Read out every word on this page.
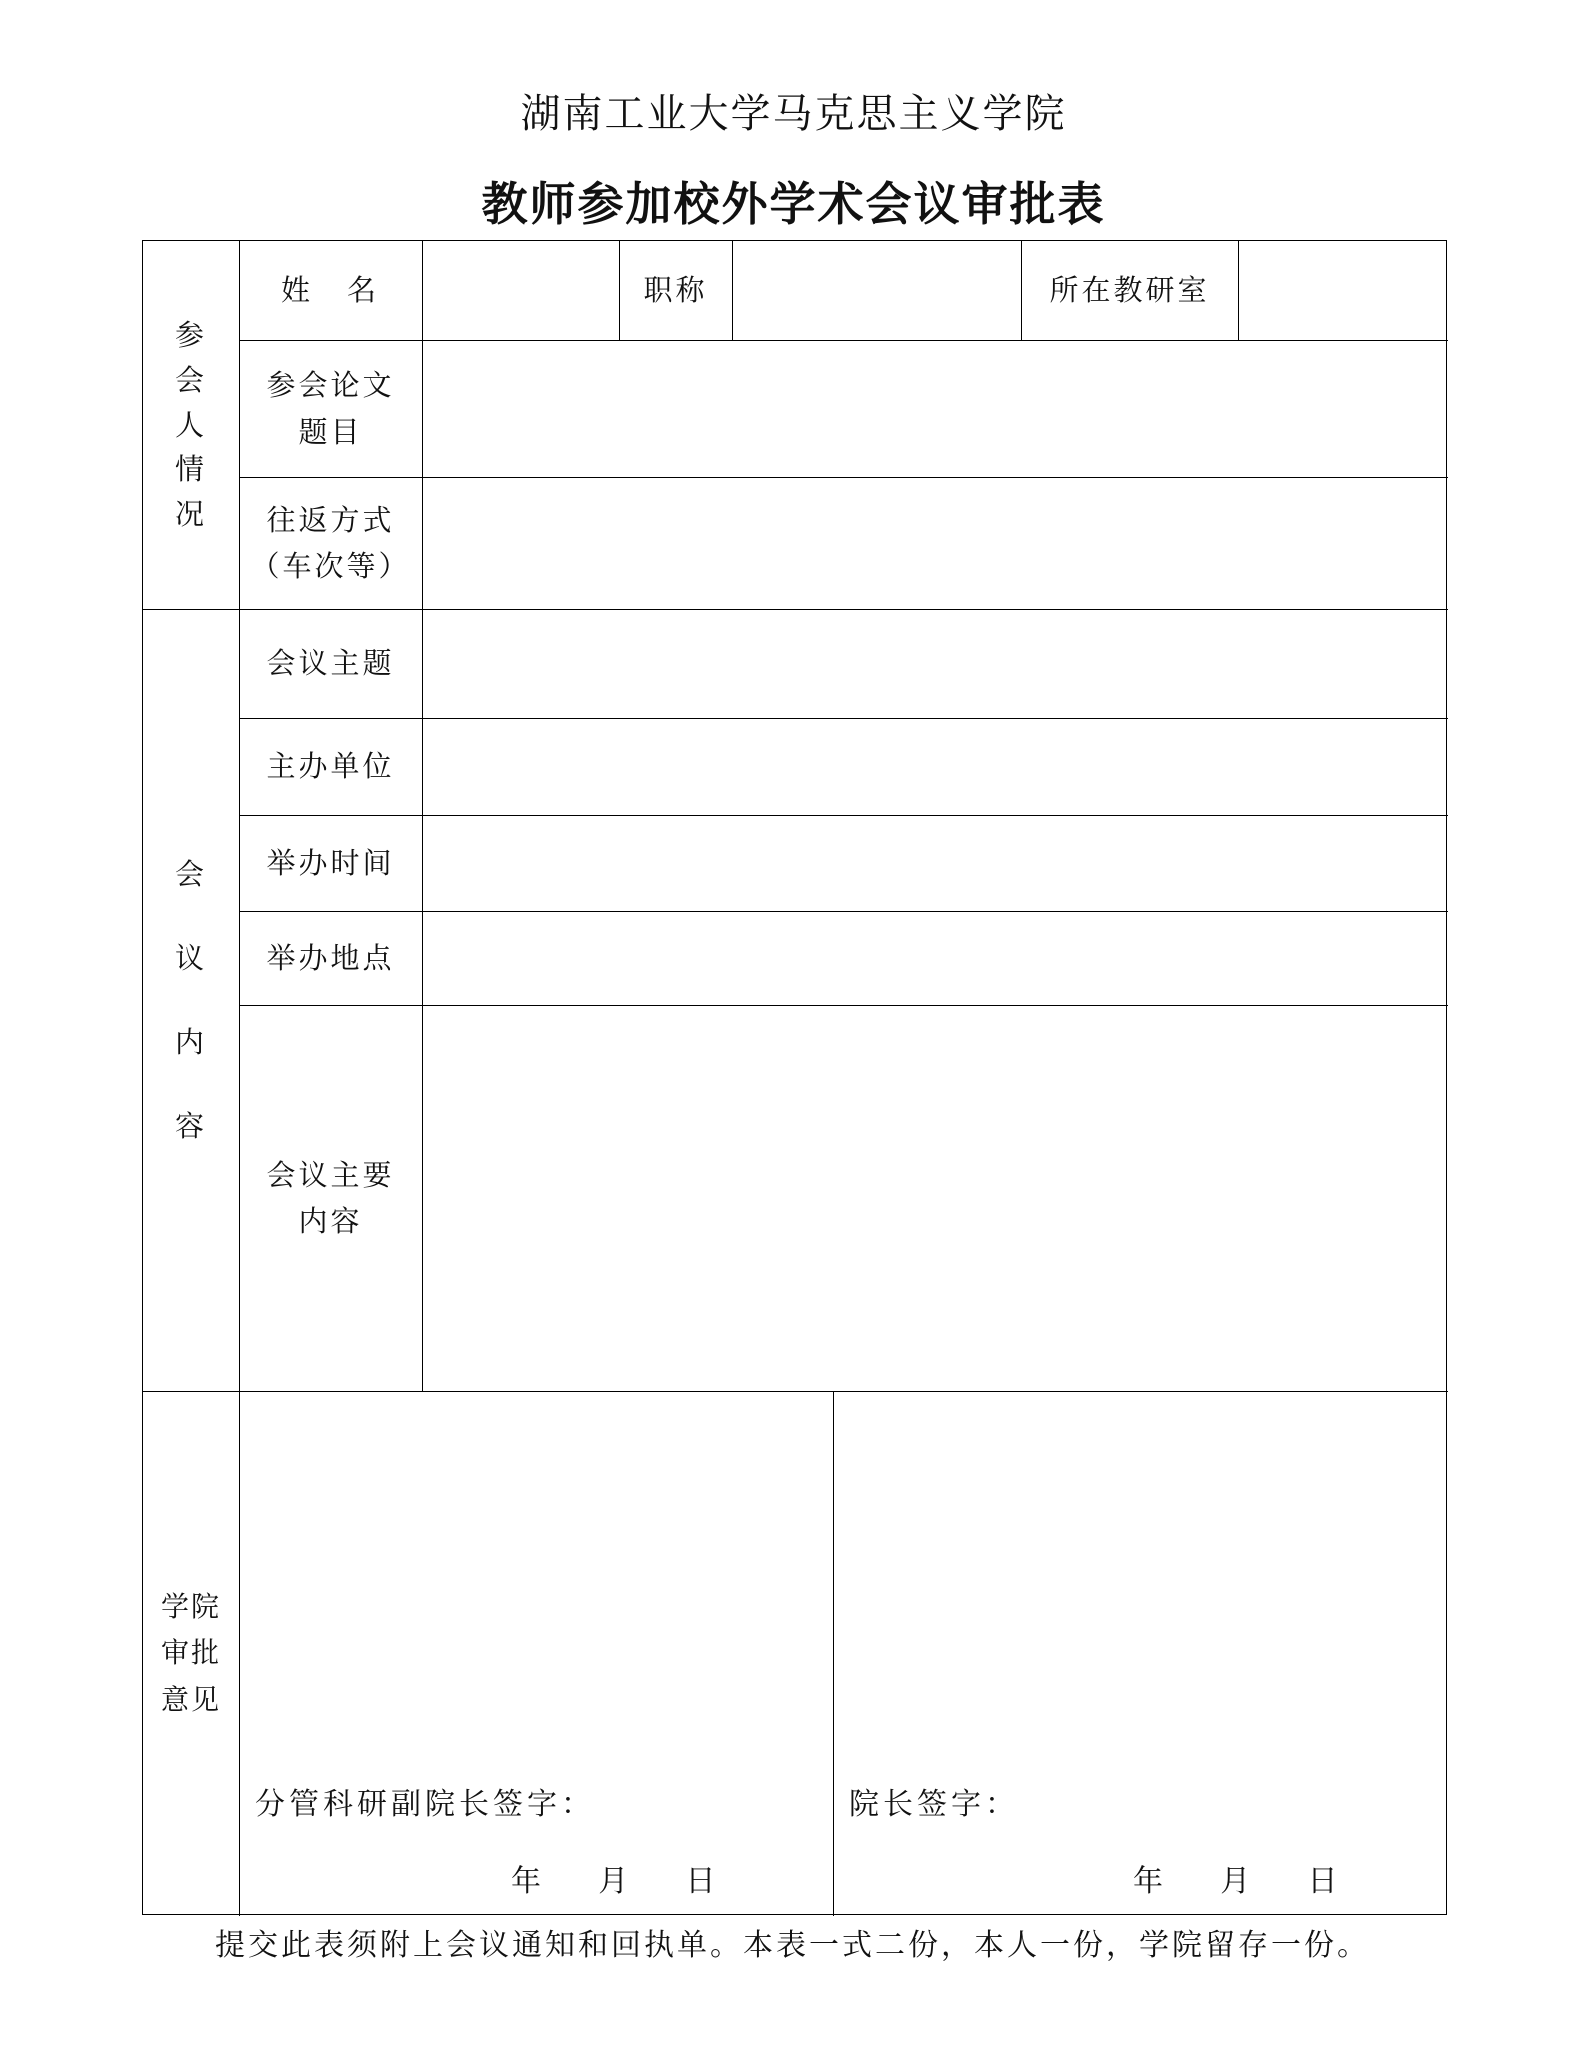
湖南工业大学马克思主义学院
教师参加校外学术会议审批表
参
会
人
情
况
姓　名	职称	所在教研室
参会论文
题目
往返方式
（车次等）
会
议
内
容
会议主题
主办单位
举办时间
举办地点
会议主要
内容
学院
审批
意见
分管科研副院长签字：
年 月 日
院长签字：
年 月 日
提交此表须附上会议通知和回执单。本表一式二份，本人一份，学院留存一份。
